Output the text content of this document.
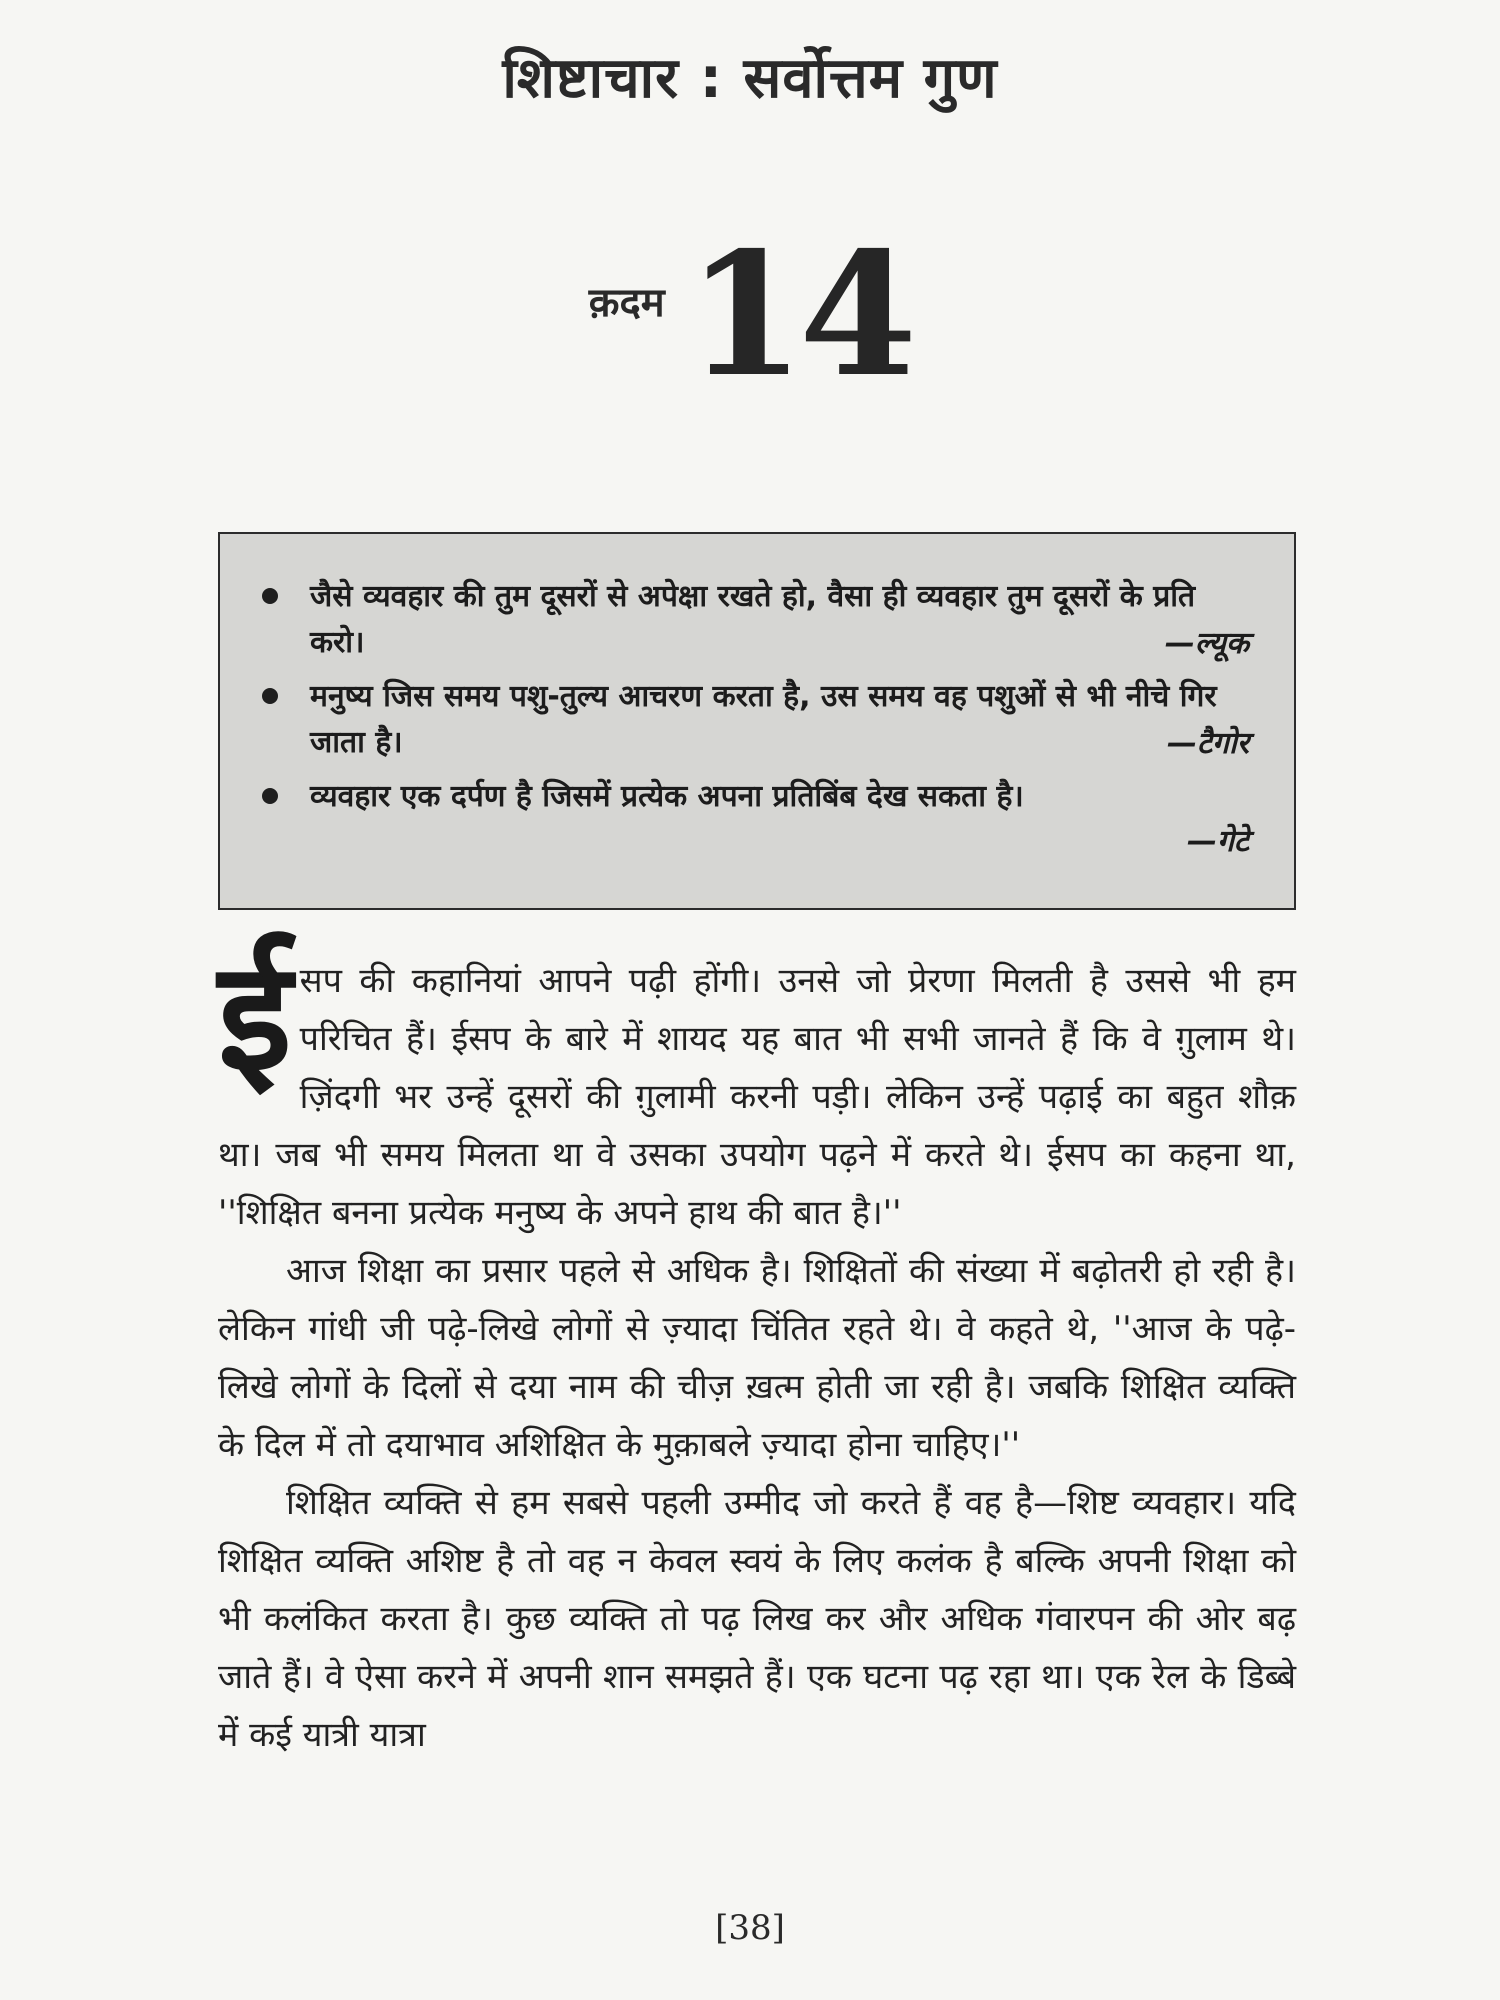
शिष्टाचार : सर्वोत्तम गुण
क़दम 14
जैसे व्यवहार की तुम दूसरों से अपेक्षा रखते हो, वैसा ही व्यवहार तुम दूसरों के प्रति करो।	—ल्यूक
मनुष्य जिस समय पशु-तुल्य आचरण करता है, उस समय वह पशुओं से भी नीचे गिर जाता है।	—टैगोर
व्यवहार एक दर्पण है जिसमें प्रत्येक अपना प्रतिबिंब देख सकता है।
—गेटे

ईसप की कहानियां आपने पढ़ी होंगी। उनसे जो प्रेरणा मिलती है उससे भी हम परिचित हैं। ईसप के बारे में शायद यह बात भी सभी जानते हैं कि वे ग़ुलाम थे। ज़िंदगी भर उन्हें दूसरों की ग़ुलामी करनी पड़ी। लेकिन उन्हें पढ़ाई का बहुत शौक़ था। जब भी समय मिलता था वे उसका उपयोग पढ़ने में करते थे। ईसप का कहना था, ''शिक्षित बनना प्रत्येक मनुष्य के अपने हाथ की बात है।''

आज शिक्षा का प्रसार पहले से अधिक है। शिक्षितों की संख्या में बढ़ोतरी हो रही है। लेकिन गांधी जी पढ़े-लिखे लोगों से ज़्यादा चिंतित रहते थे। वे कहते थे, ''आज के पढ़े-लिखे लोगों के दिलों से दया नाम की चीज़ ख़त्म होती जा रही है। जबकि शिक्षित व्यक्ति के दिल में तो दयाभाव अशिक्षित के मुक़ाबले ज़्यादा होना चाहिए।''

शिक्षित व्यक्ति से हम सबसे पहली उम्मीद जो करते हैं वह है—शिष्ट व्यवहार। यदि शिक्षित व्यक्ति अशिष्ट है तो वह न केवल स्वयं के लिए कलंक है बल्कि अपनी शिक्षा को भी कलंकित करता है। कुछ व्यक्ति तो पढ़ लिख कर और अधिक गंवारपन की ओर बढ़ जाते हैं। वे ऐसा करने में अपनी शान समझते हैं। एक घटना पढ़ रहा था। एक रेल के डिब्बे में कई यात्री यात्रा

[38]
